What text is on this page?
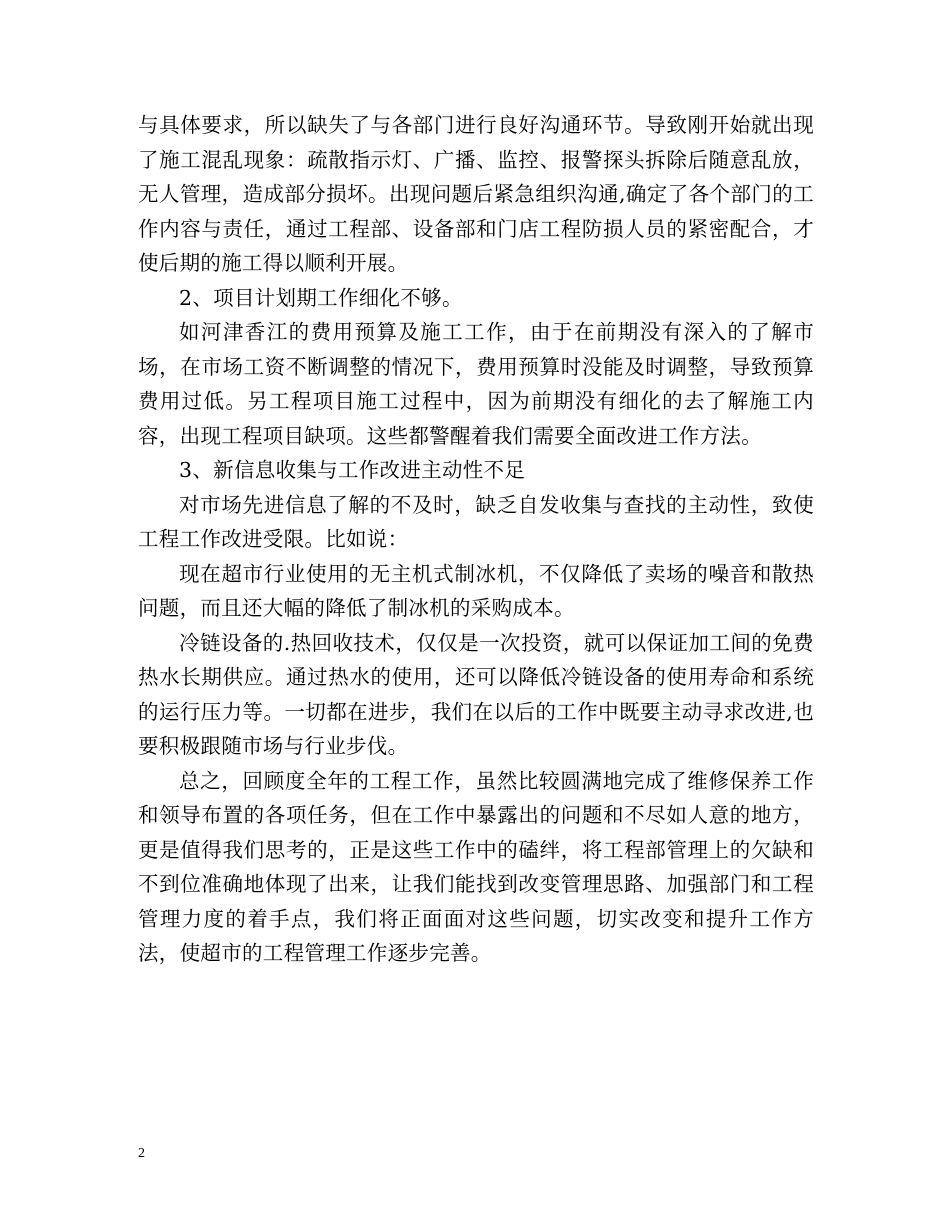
与具体要求，所以缺失了与各部门进行良好沟通环节。导致刚开始就出现了施工混乱现象：疏散指示灯、广播、监控、报警探头拆除后随意乱放，无人管理，造成部分损坏。出现问题后紧急组织沟通,确定了各个部门的工作内容与责任，通过工程部、设备部和门店工程防损人员的紧密配合，才使后期的施工得以顺利开展。

2、项目计划期工作细化不够。

如河津香江的费用预算及施工工作，由于在前期没有深入的了解市场，在市场工资不断调整的情况下，费用预算时没能及时调整，导致预算费用过低。另工程项目施工过程中，因为前期没有细化的去了解施工内容，出现工程项目缺项。这些都警醒着我们需要全面改进工作方法。

3、新信息收集与工作改进主动性不足

对市场先进信息了解的不及时，缺乏自发收集与查找的主动性，致使工程工作改进受限。比如说：

现在超市行业使用的无主机式制冰机，不仅降低了卖场的噪音和散热问题，而且还大幅的降低了制冰机的采购成本。

冷链设备的.热回收技术，仅仅是一次投资，就可以保证加工间的免费热水长期供应。通过热水的使用，还可以降低冷链设备的使用寿命和系统的运行压力等。一切都在进步，我们在以后的工作中既要主动寻求改进,也要积极跟随市场与行业步伐。

总之，回顾度全年的工程工作，虽然比较圆满地完成了维修保养工作和领导布置的各项任务，但在工作中暴露出的问题和不尽如人意的地方，更是值得我们思考的，正是这些工作中的磕绊，将工程部管理上的欠缺和不到位准确地体现了出来，让我们能找到改变管理思路、加强部门和工程管理力度的着手点，我们将正面面对这些问题，切实改变和提升工作方法，使超市的工程管理工作逐步完善。

2
